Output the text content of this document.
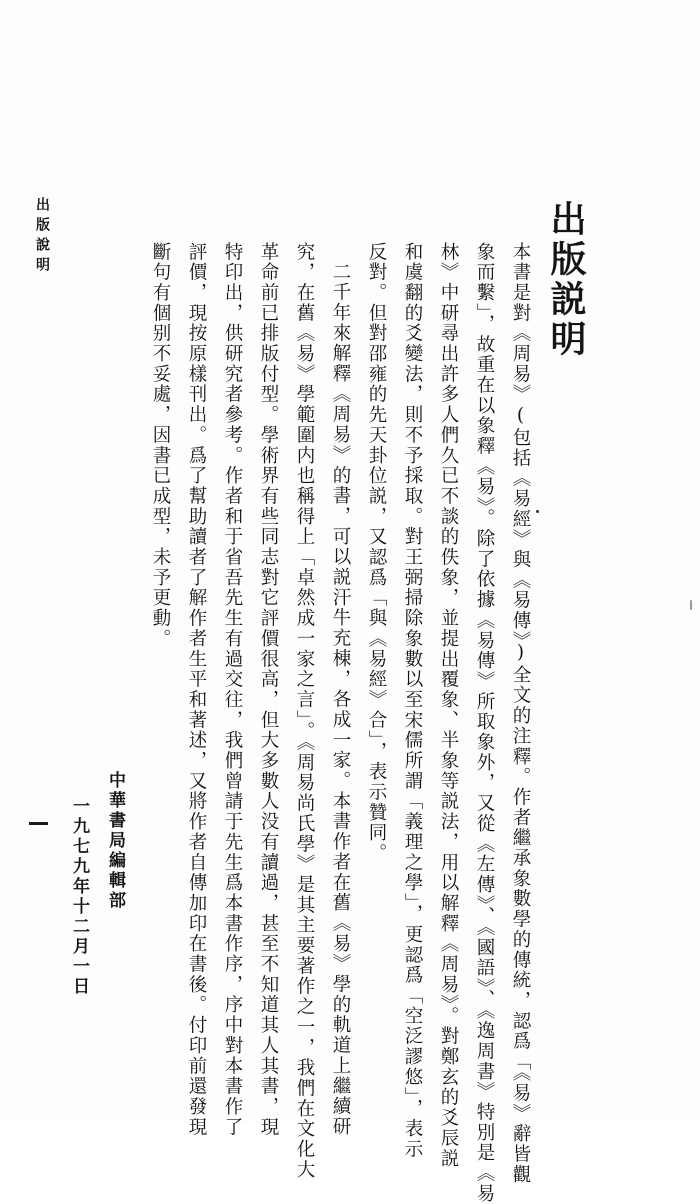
出版說明	出版説明
本書是對《周易》(包括《易經》與《易傳》)全文的注釋。作者繼承象數學的傳統，認爲「《易》辭皆觀
象而繫」，故重在以象釋《易》。除了依據《易傳》所取象外，又從《左傳》、《國語》、《逸周書》特別是《易
林》中研尋出許多人們久已不談的佚象，並提出覆象、半象等説法，用以解釋《周易》。對鄭玄的爻辰説
和虞翻的爻變法，則不予採取。對王弼掃除象數以至宋儒所謂「義理之學」，更認爲「空泛謬悠」，表示
反對。但對邵雍的先天卦位説，又認爲「與《易經》合」，表示贊同。
二千年來解釋《周易》的書，可以説汗牛充棟，各成一家。本書作者在舊《易》學的軌道上繼續研
究，在舊《易》學範圍内也稱得上「卓然成一家之言」。《周易尚氏學》是其主要著作之一，我們在文化大
革命前已排版付型。學術界有些同志對它評價很高，但大多數人没有讀過，甚至不知道其人其書，現
特印出，供研究者參考。作者和于省吾先生有過交往，我們曾請于先生爲本書作序，序中對本書作了
評價，現按原樣刊出。爲了幫助讀者了解作者生平和著述，又將作者自傳加印在書後。付印前還發現
斷句有個别不妥處，因書已成型，未予更動。
中華書局編輯部
一九七九年十二月一日
